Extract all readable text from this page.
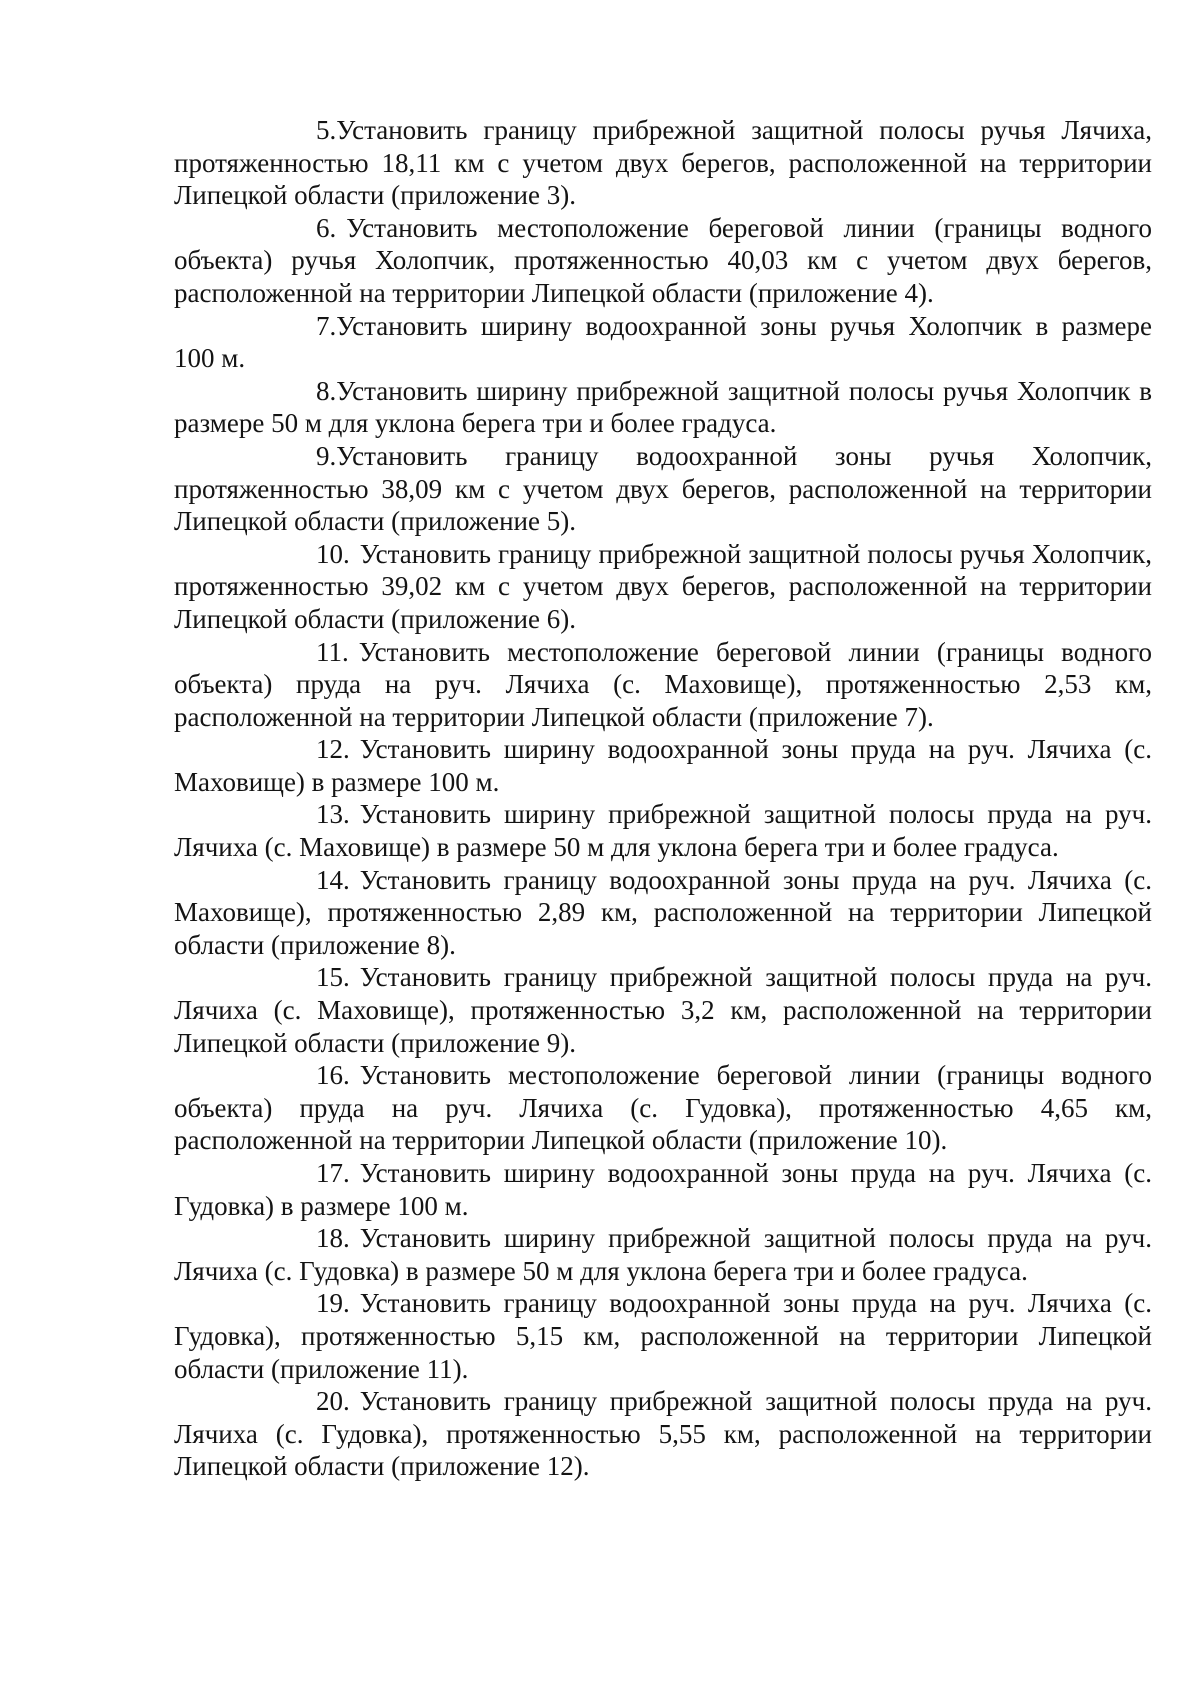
5.Установить границу прибрежной защитной полосы ручья Лячиха, протяженностью 18,11 км с учетом двух берегов, расположенной на территории Липецкой области (приложение 3).

6. Установить местоположение береговой линии (границы водного объекта) ручья Холопчик, протяженностью 40,03 км с учетом двух берегов, расположенной на территории Липецкой области (приложение 4).

7.Установить ширину водоохранной зоны ручья Холопчик в размере 100 м.

8.Установить ширину прибрежной защитной полосы ручья Холопчик в размере 50 м для уклона берега три и более градуса.

9.Установить границу водоохранной зоны ручья Холопчик, протяженностью 38,09 км с учетом двух берегов, расположенной на территории Липецкой области (приложение 5).

10. Установить границу прибрежной защитной полосы ручья Холопчик, протяженностью 39,02 км с учетом двух берегов, расположенной на территории Липецкой области (приложение 6).

11. Установить местоположение береговой линии (границы водного объекта) пруда на руч. Лячиха (с. Маховище), протяженностью 2,53 км, расположенной на территории Липецкой области (приложение 7).

12. Установить ширину водоохранной зоны пруда на руч. Лячиха (с. Маховище) в размере 100 м.

13. Установить ширину прибрежной защитной полосы пруда на руч. Лячиха (с. Маховище) в размере 50 м для уклона берега три и более градуса.

14. Установить границу водоохранной зоны пруда на руч. Лячиха (с. Маховище), протяженностью 2,89 км, расположенной на территории Липецкой области (приложение 8).

15. Установить границу прибрежной защитной полосы пруда на руч. Лячиха (с. Маховище), протяженностью 3,2 км, расположенной на территории Липецкой области (приложение 9).

16. Установить местоположение береговой линии (границы водного объекта) пруда на руч. Лячиха (с. Гудовка), протяженностью 4,65 км, расположенной на территории Липецкой области (приложение 10).

17. Установить ширину водоохранной зоны пруда на руч. Лячиха (с. Гудовка) в размере 100 м.

18. Установить ширину прибрежной защитной полосы пруда на руч. Лячиха (с. Гудовка) в размере 50 м для уклона берега три и более градуса.

19. Установить границу водоохранной зоны пруда на руч. Лячиха (с. Гудовка), протяженностью 5,15 км, расположенной на территории Липецкой области (приложение 11).

20. Установить границу прибрежной защитной полосы пруда на руч. Лячиха (с. Гудовка), протяженностью 5,55 км, расположенной на территории Липецкой области (приложение 12).
